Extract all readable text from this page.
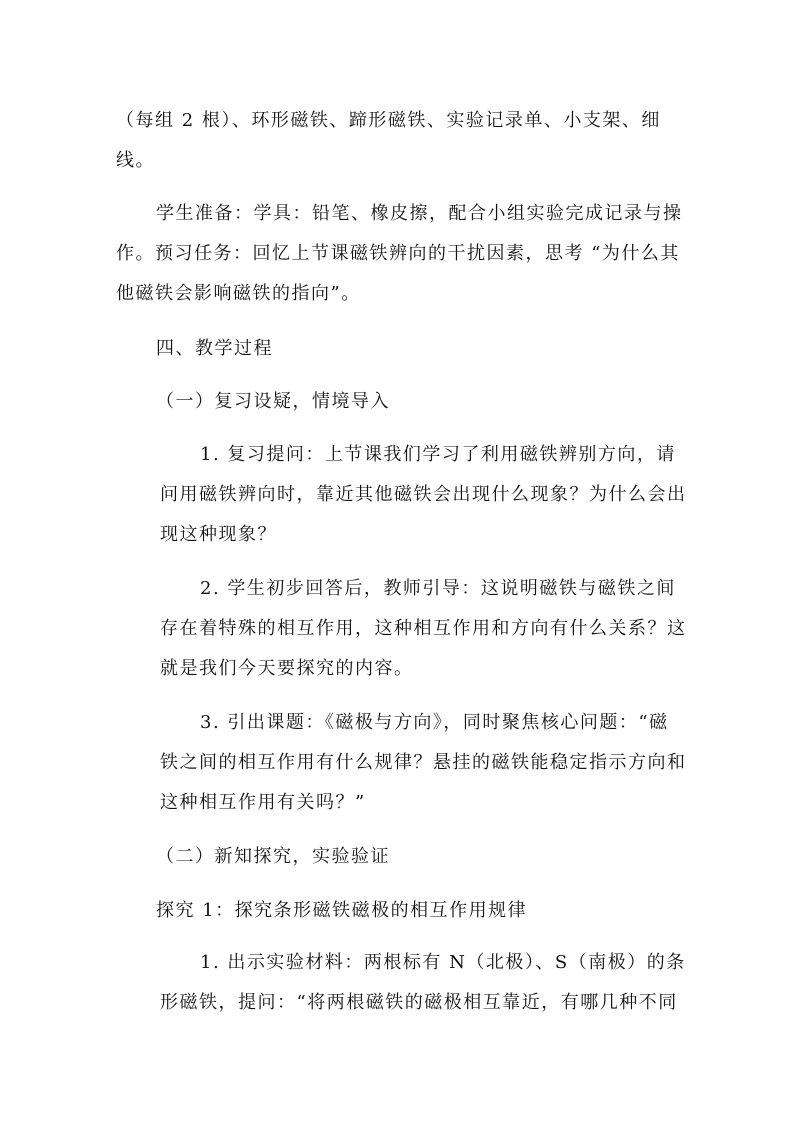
（每组 2 根）、环形磁铁、蹄形磁铁、实验记录单、小支架、细
线。
学生准备：学具：铅笔、橡皮擦，配合小组实验完成记录与操
作。预习任务：回忆上节课磁铁辨向的干扰因素，思考 “为什么其
他磁铁会影响磁铁的指向”。
四、教学过程
（一）复习设疑，情境导入
1. 复习提问：上节课我们学习了利用磁铁辨别方向，请
问用磁铁辨向时，靠近其他磁铁会出现什么现象？为什么会出
现这种现象？
2. 学生初步回答后，教师引导：这说明磁铁与磁铁之间
存在着特殊的相互作用，这种相互作用和方向有什么关系？这
就是我们今天要探究的内容。
3. 引出课题：《磁极与方向》，同时聚焦核心问题：“磁
铁之间的相互作用有什么规律？悬挂的磁铁能稳定指示方向和
这种相互作用有关吗？”
（二）新知探究，实验验证
探究 1：探究条形磁铁磁极的相互作用规律
1. 出示实验材料：两根标有 N（北极）、S（南极）的条
形磁铁，提问：“将两根磁铁的磁极相互靠近，有哪几种不同
